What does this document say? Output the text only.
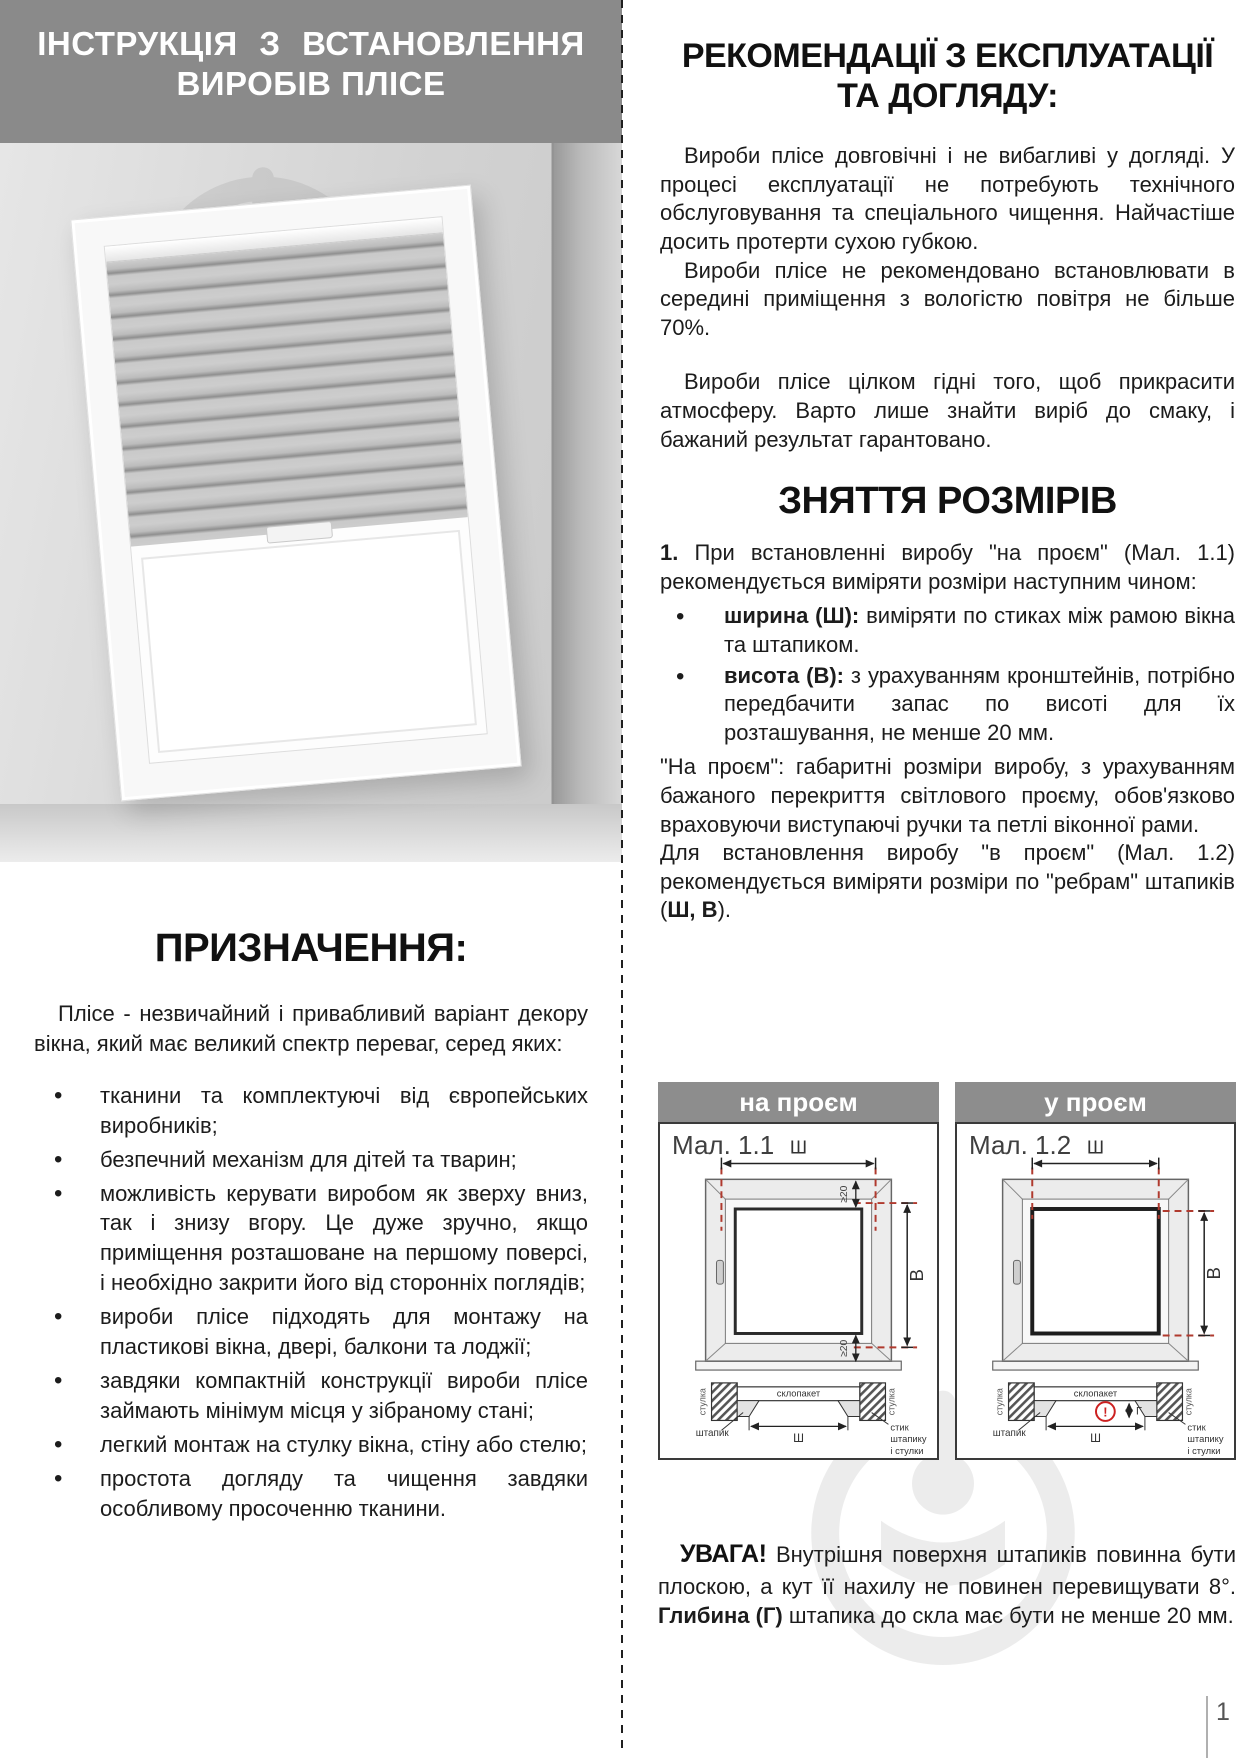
ІНСТРУКЦІЯ З ВСТАНОВЛЕННЯ
ВИРОБІВ ПЛІСЕ
ПРИЗНАЧЕННЯ:

Плісе - незвичайний і привабливий варіант декору вікна, який має великий спектр переваг, серед яких:

• тканини та комплектуючі від європейських виробників;
• безпечний механізм для дітей та тварин;
• можливість керувати виробом як зверху вниз, так і знизу вгору. Це дуже зручно, якщо приміщення розташоване на першому поверсі, і необхідно закрити його від сторонніх поглядів;
• вироби плісе підходять для монтажу на пластикові вікна, двері, балкони та лоджії;
• завдяки компактній конструкції вироби плісе займають мінімум місця у зібраному стані;
• легкий монтаж на стулку вікна, стіну або стелю;
• простота догляду та чищення завдяки особливому просоченню тканини.
РЕКОМЕНДАЦІЇ З ЕКСПЛУАТАЦІЇ
ТА ДОГЛЯДУ:

Вироби плісе довговічні і не вибагливі у догляді. У процесі експлуатації не потребують технічного обслуговування та спеціального чищення. Найчастіше досить протерти сухою губкою.

Вироби плісе не рекомендовано встановлювати в середині приміщення з вологістю повітря не більше 70%.

Вироби плісе цілком гідні того, щоб прикрасити атмосферу. Варто лише знайти виріб до смаку, і бажаний результат гарантовано.

ЗНЯТТЯ РОЗМІРІВ

1. При встановленні виробу "на проєм" (Мал. 1.1) рекомендується виміряти розміри наступним чином:

• ширина (Ш): виміряти по стиках між рамою вікна та штапиком.
• висота (В): з урахуванням кронштейнів, потрібно передбачити запас по висоті для їх розташування, не менше 20 мм.

"На проєм": габаритні розміри виробу, з урахуванням бажаного перекриття світлового проєму, обов'язково враховуючи виступаючі ручки та петлі віконної рами.

Для встановлення виробу "в проєм" (Мал. 1.2) рекомендується виміряти розміри по "ребрам" штапиків (Ш, В).

на проєм
Мал. 1.1 Ш
В
≥20
≥20
стулка	стулка
склопакет
Ш
штапик
стик
штапику
і стулки
у проєм
Мал. 1.2 Ш
В
стулка	стулка
склопакет
Ш
штапик
стик
штапику
і стулки
!	Г

УВАГА! Внутрішня поверхня штапиків повинна бути плоскою, а кут її нахилу не повинен перевищувати 8°. Глибина (Г) штапика до скла має бути не менше 20 мм.

1
